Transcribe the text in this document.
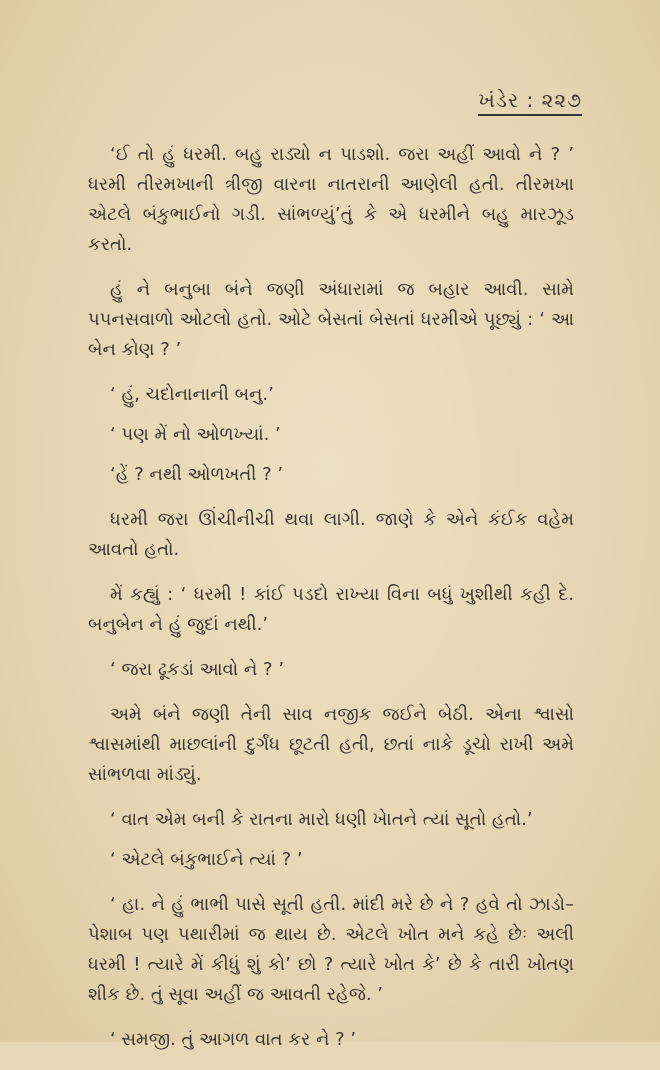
ખંડેર : ૨૨૭

‘ઈ તો હું ધરમી. બહુ રાડ્યો ન પાડશો. જરા અહીં આવો ને ? ’ ધરમી તીરમખાની ત્રીજી વારના નાતરાની આણેલી હતી. તીરમખા એટલે બંકુભાઈનો ગડી. સાંભળ્યું’તું કે એ ધરમીને બહુ મારઝૂડ કરતો.

હું ને બનુબા બંને જણી અંધારામાં જ બહાર આવી. સામે પપનસવાળો ઓટલો હતો. ઓટે બેસતાં બેસતાં ધરમીએ પૂછ્યું : ‘ આ બેન કોણ ? ’

‘ હું, ચદોનાનાની બનુ.’

‘ પણ મેં નો ઓળખ્યાં. ’

‘હેં ? નથી ઓળખતી ? ’

ધરમી જરા ઊંચીનીચી થવા લાગી. જાણે કે એને કંઈક વહેમ આવતો હતો.

મેં કહ્યું : ‘ ધરમી ! કાંઈ પડદો રાખ્યા વિના બધું ખુશીથી કહી દે. બનુબેન ને હું જુદાં નથી.’

‘ જરા ઢૂકડાં આવો ને ? ’

અમે બંને જણી તેની સાવ નજીક જઈને બેઠી. એના શ્વાસો શ્વાસમાંથી માછલાંની દુર્ગંધ છૂટતી હતી, છતાં નાકે ડૂચો રાખી અમે સાંભળવા માંડ્યું.

‘ વાત એમ બની કે રાતના મારો ધણી ખેાતને ત્યાં સૂતો હતો.’

‘ એટલે બંકુભાઈને ત્યાં ? ’

‘ હા. ને હું ભાભી પાસે સૂતી હતી. માંદી મરે છે ને ? હવે તો ઝાડો–પેશાબ પણ પથારીમાં જ થાય છે. એટલે ખોત મને કહે છેઃ અલી ધરમી ! ત્યારે મેં કીધું શું કો’ છો ? ત્યારે ખોત કે’ છે કે તારી ખોતણ શીક છે. તું સૂવા અહીં જ આવતી રહેજે. ’

‘ સમજી. તું આગળ વાત કર ને ? ’
